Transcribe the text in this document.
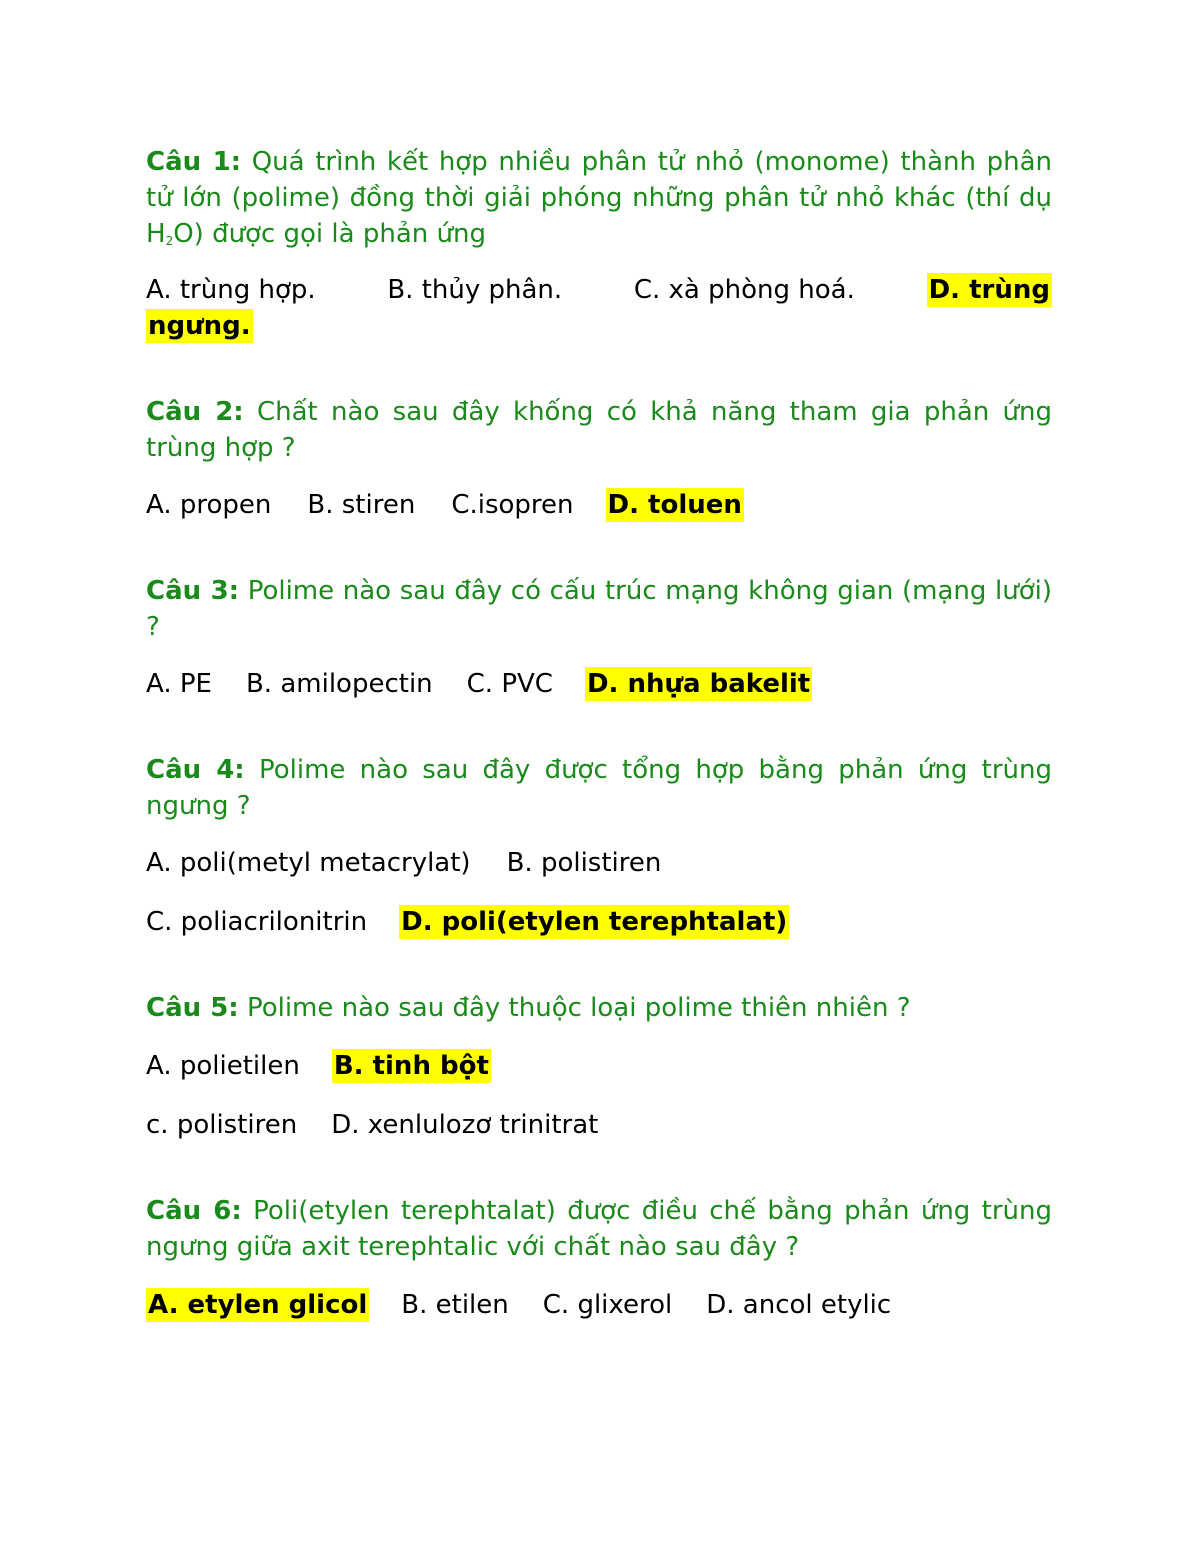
Câu 1: Quá trình kết hợp nhiều phân tử nhỏ (monome) thành phân tử lớn (polime) đồng thời giải phóng những phân tử nhỏ khác (thí dụ $H_2O$) được gọi là phản ứng

A. trùng hợp.	B. thủy phân.	C. xà phòng hoá.	D. trùng
ngưng.

Câu 2: Chất nào sau đây khống có khả năng tham gia phản ứng trùng hợp ?

A. propen B. stiren C.isopren D. toluen

Câu 3: Polime nào sau đây có cấu trúc mạng không gian (mạng lưới) ?

A. PE B. amilopectin C. PVC D. nhựa bakelit

Câu 4: Polime nào sau đây được tổng hợp bằng phản ứng trùng ngưng ?

A. poli(metyl metacrylat) B. polistiren
C. poliacrilonitrin D. poli(etylen terephtalat)

Câu 5: Polime nào sau đây thuộc loại polime thiên nhiên ?

A. polietilen B. tinh bột
c. polistiren D. xenlulozơ trinitrat

Câu 6: Poli(etylen terephtalat) được điều chế bằng phản ứng trùng ngưng giữa axit terephtalic với chất nào sau đây ?

A. etylen glicol B. etilen C. glixerol D. ancol etylic
